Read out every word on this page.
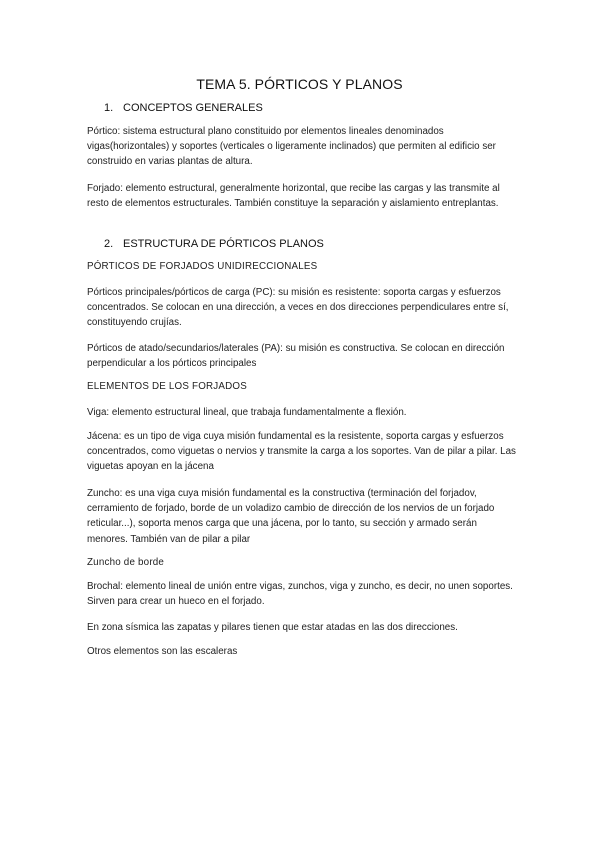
TEMA 5. PÓRTICOS Y PLANOS
1. CONCEPTOS GENERALES

Pórtico: sistema estructural plano constituido por elementos lineales denominados vigas(horizontales) y soportes (verticales o ligeramente inclinados) que permiten al edificio ser construido en varias plantas de altura.

Forjado: elemento estructural, generalmente horizontal, que recibe las cargas y las transmite al resto de elementos estructurales. También constituye la separación y aislamiento entreplantas.

2. ESTRUCTURA DE PÓRTICOS PLANOS
PÓRTICOS DE FORJADOS UNIDIRECCIONALES

Pórticos principales/pórticos de carga (PC): su misión es resistente: soporta cargas y esfuerzos concentrados. Se colocan en una dirección, a veces en dos direcciones perpendiculares entre sí, constituyendo crujías.

Pórticos de atado/secundarios/laterales (PA): su misión es constructiva. Se colocan en dirección perpendicular a los pórticos principales

ELEMENTOS DE LOS FORJADOS

Viga: elemento estructural lineal, que trabaja fundamentalmente a flexión.

Jácena: es un tipo de viga cuya misión fundamental es la resistente, soporta cargas y esfuerzos concentrados, como viguetas o nervios y transmite la carga a los soportes. Van de pilar a pilar. Las viguetas apoyan en la jácena

Zuncho: es una viga cuya misión fundamental es la constructiva (terminación del forjadov, cerramiento de forjado, borde de un voladizo cambio de dirección de los nervios de un forjado reticular...), soporta menos carga que una jácena, por lo tanto, su sección y armado serán menores. También van de pilar a pilar

Zuncho de borde

Brochal: elemento lineal de unión entre vigas, zunchos, viga y zuncho, es decir, no unen soportes. Sirven para crear un hueco en el forjado.

En zona sísmica las zapatas y pilares tienen que estar atadas en las dos direcciones.

Otros elementos son las escaleras
